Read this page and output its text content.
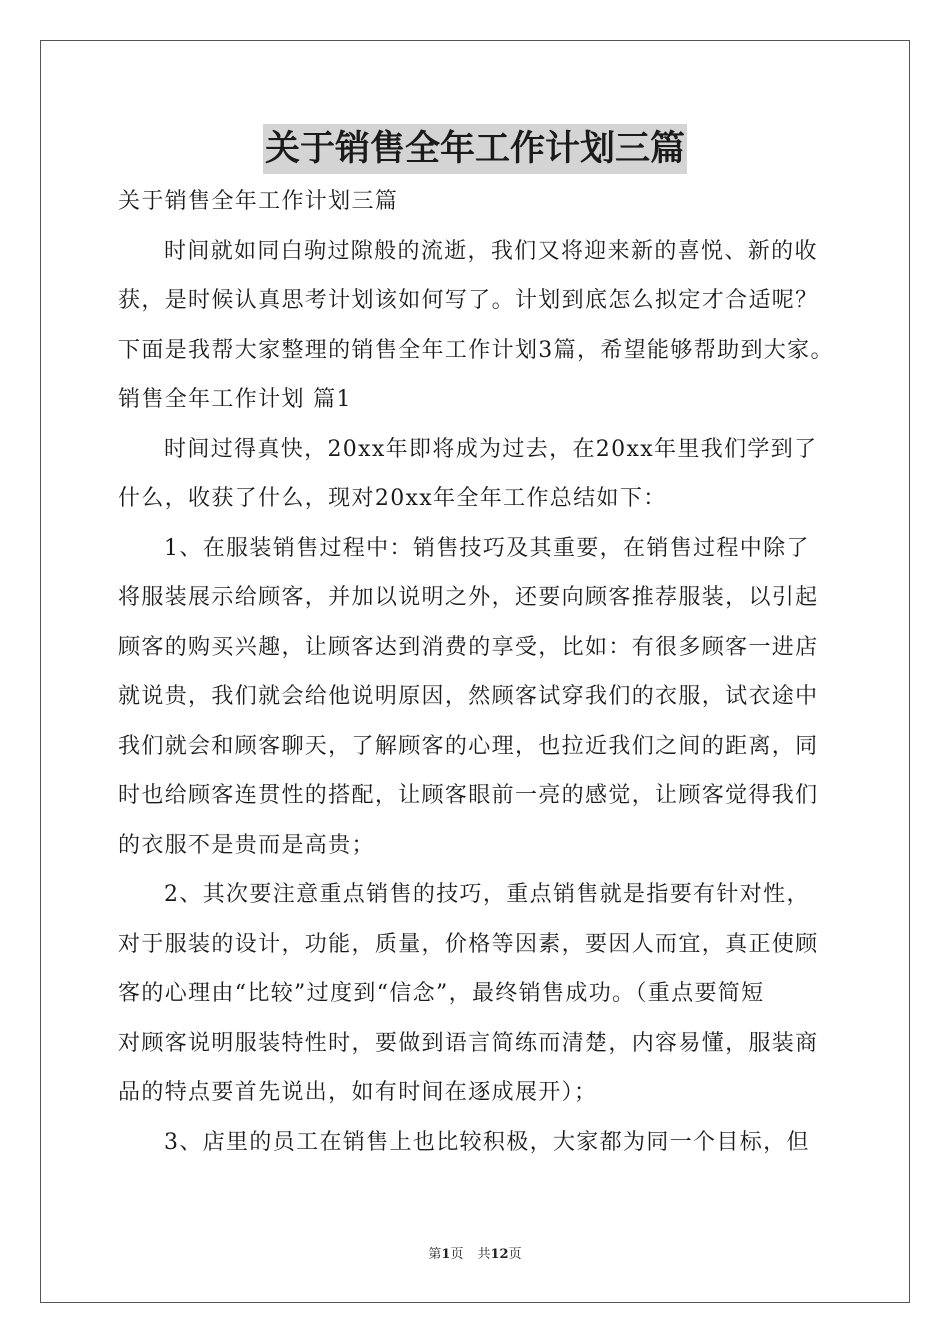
关于销售全年工作计划三篇
关于销售全年工作计划三篇
时间就如同白驹过隙般的流逝，我们又将迎来新的喜悦、新的收
获，是时候认真思考计划该如何写了。计划到底怎么拟定才合适呢？
下面是我帮大家整理的销售全年工作计划3篇，希望能够帮助到大家。
销售全年工作计划 篇1
时间过得真快，20xx年即将成为过去，在20xx年里我们学到了
什么，收获了什么，现对20xx年全年工作总结如下：
1、在服装销售过程中：销售技巧及其重要，在销售过程中除了
将服装展示给顾客，并加以说明之外，还要向顾客推荐服装，以引起
顾客的购买兴趣，让顾客达到消费的享受，比如：有很多顾客一进店
就说贵，我们就会给他说明原因，然顾客试穿我们的衣服，试衣途中
我们就会和顾客聊天，了解顾客的心理，也拉近我们之间的距离，同
时也给顾客连贯性的搭配，让顾客眼前一亮的感觉，让顾客觉得我们
的衣服不是贵而是高贵；
2、其次要注意重点销售的技巧，重点销售就是指要有针对性，
对于服装的设计，功能，质量，价格等因素，要因人而宜，真正使顾
客的心理由“比较”过度到“信念”，最终销售成功。（重点要简短
对顾客说明服装特性时，要做到语言简练而清楚，内容易懂，服装商
品的特点要首先说出，如有时间在逐成展开）；
3、店里的员工在销售上也比较积极，大家都为同一个目标，但
第1页 共12页
